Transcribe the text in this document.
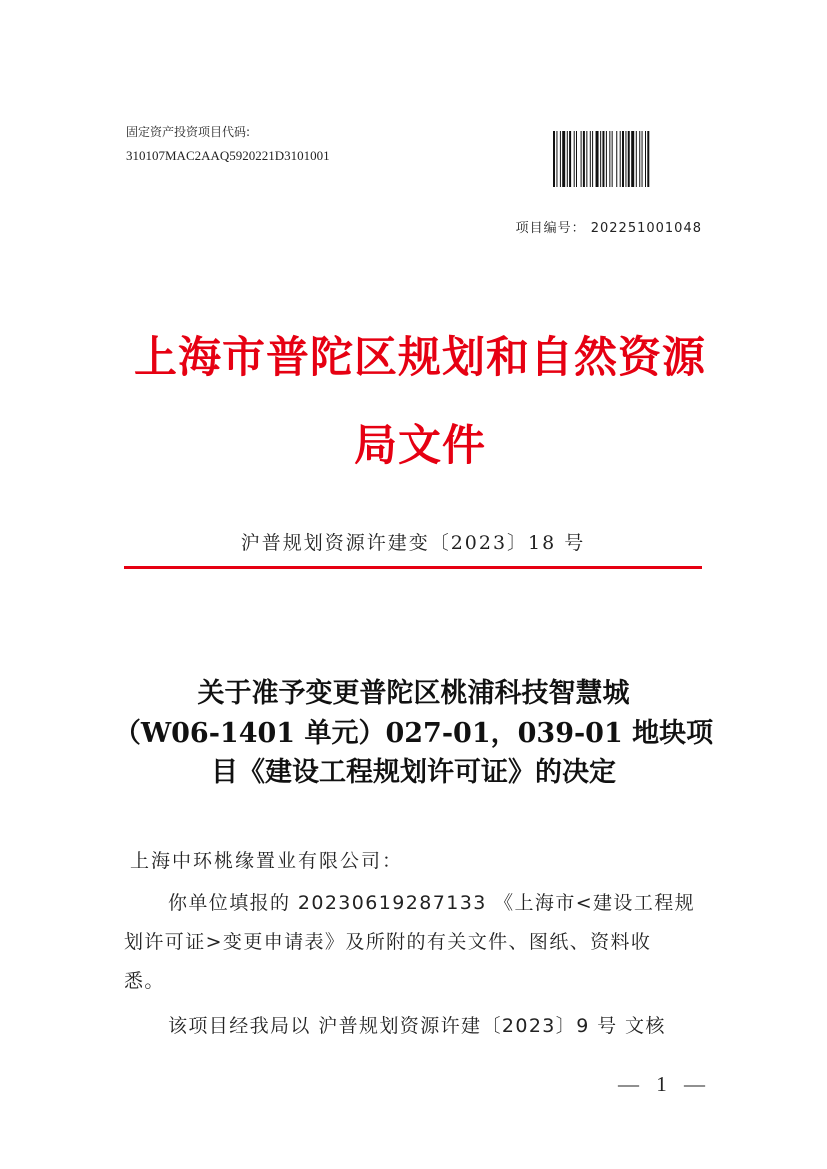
固定资产投资项目代码:
310107MAC2AAQ5920221D3101001
项目编号： 202251001048
上海市普陀区规划和自然资源
局文件
沪普规划资源许建变〔2023〕18 号
关于准予变更普陀区桃浦科技智慧城
（W06-1401 单元）027-01，039-01 地块项
目《建设工程规划许可证》的决定
上海中环桃缘置业有限公司：
你单位填报的 20230619287133 《上海市<建设工程规
划许可证>变更申请表》及所附的有关文件、图纸、资料收
悉。
该项目经我局以 沪普规划资源许建〔2023〕9 号 文核
— 1 —
